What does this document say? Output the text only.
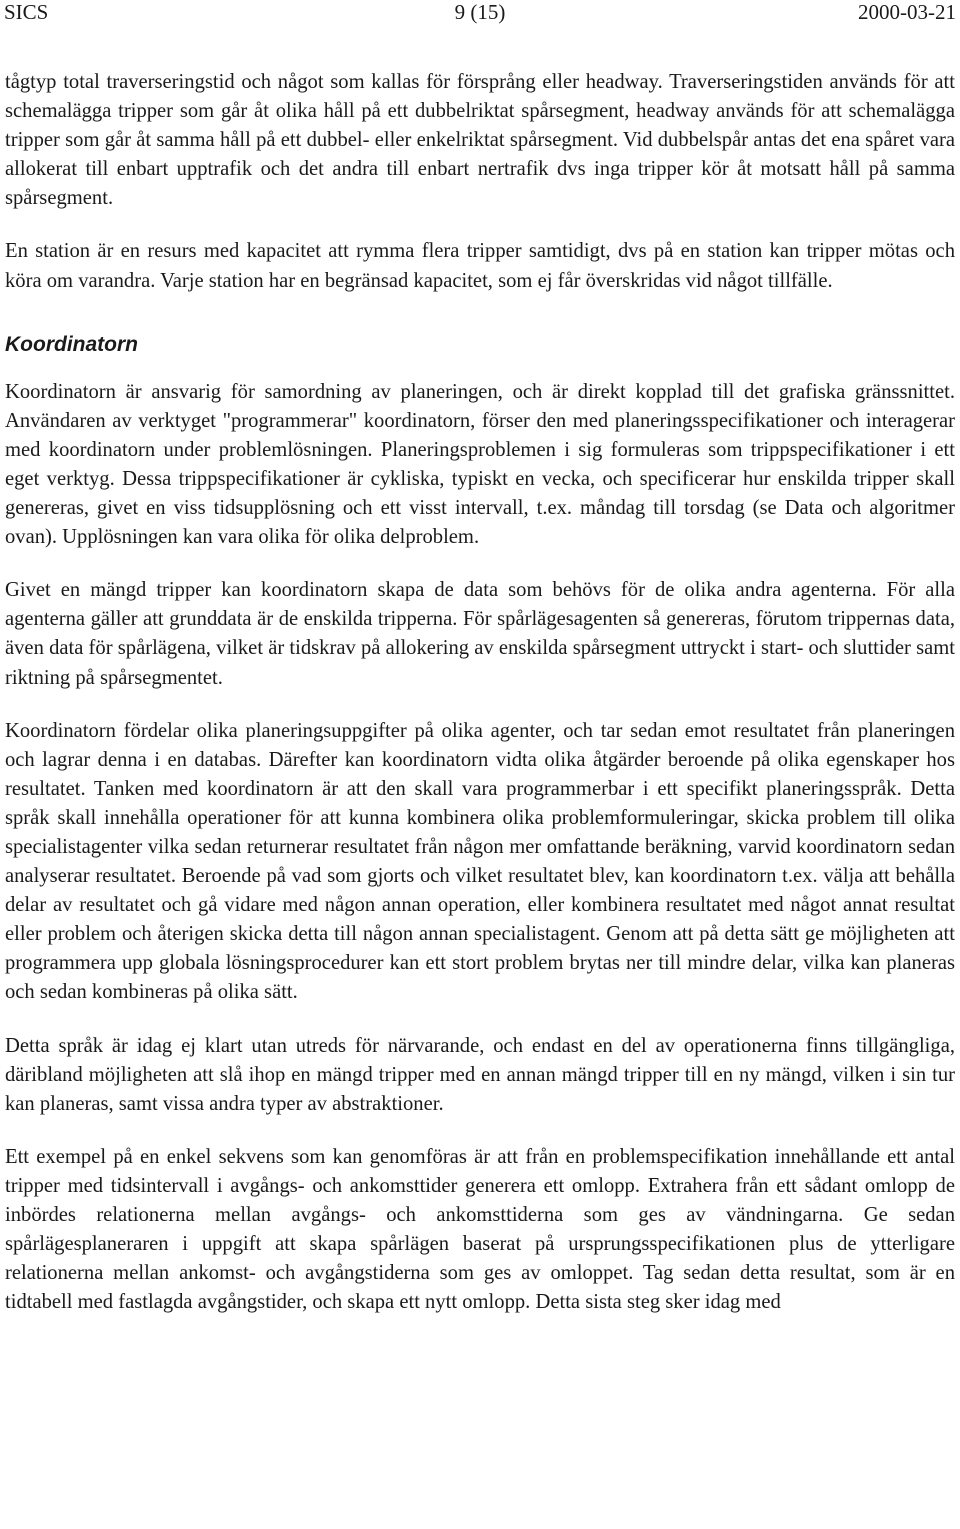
SICS	9 (15)	2000-03-21

tågtyp total traverseringstid och något som kallas för försprång eller headway. Traverseringstiden används för att schemalägga tripper som går åt olika håll på ett dubbelriktat spårsegment, headway används för att schemalägga tripper som går åt samma håll på ett dubbel- eller enkelriktat spårsegment. Vid dubbelspår antas det ena spåret vara allokerat till enbart upptrafik och det andra till enbart nertrafik dvs inga tripper kör åt motsatt håll på samma spårsegment.

En station är en resurs med kapacitet att rymma flera tripper samtidigt, dvs på en station kan tripper mötas och köra om varandra. Varje station har en begränsad kapacitet, som ej får överskridas vid något tillfälle.

Koordinatorn

Koordinatorn är ansvarig för samordning av planeringen, och är direkt kopplad till det grafiska gränssnittet. Användaren av verktyget "programmerar" koordinatorn, förser den med planeringsspecifikationer och interagerar med koordinatorn under problemlösningen. Planeringsproblemen i sig formuleras som trippspecifikationer i ett eget verktyg. Dessa trippspecifikationer är cykliska, typiskt en vecka, och specificerar hur enskilda tripper skall genereras, givet en viss tidsupplösning och ett visst intervall, t.ex. måndag till torsdag (se Data och algoritmer ovan). Upplösningen kan vara olika för olika delproblem.

Givet en mängd tripper kan koordinatorn skapa de data som behövs för de olika andra agenterna. För alla agenterna gäller att grunddata är de enskilda tripperna. För spårlägesagenten så genereras, förutom trippernas data, även data för spårlägena, vilket är tidskrav på allokering av enskilda spårsegment uttryckt i start- och sluttider samt riktning på spårsegmentet.

Koordinatorn fördelar olika planeringsuppgifter på olika agenter, och tar sedan emot resultatet från planeringen och lagrar denna i en databas. Därefter kan koordinatorn vidta olika åtgärder beroende på olika egenskaper hos resultatet. Tanken med koordinatorn är att den skall vara programmerbar i ett specifikt planeringsspråk. Detta språk skall innehålla operationer för att kunna kombinera olika problemformuleringar, skicka problem till olika specialistagenter vilka sedan returnerar resultatet från någon mer omfattande beräkning, varvid koordinatorn sedan analyserar resultatet. Beroende på vad som gjorts och vilket resultatet blev, kan koordinatorn t.ex. välja att behålla delar av resultatet och gå vidare med någon annan operation, eller kombinera resultatet med något annat resultat eller problem och återigen skicka detta till någon annan specialistagent. Genom att på detta sätt ge möjligheten att programmera upp globala lösningsprocedurer kan ett stort problem brytas ner till mindre delar, vilka kan planeras och sedan kombineras på olika sätt.

Detta språk är idag ej klart utan utreds för närvarande, och endast en del av operationerna finns tillgängliga, däribland möjligheten att slå ihop en mängd tripper med en annan mängd tripper till en ny mängd, vilken i sin tur kan planeras, samt vissa andra typer av abstraktioner.

Ett exempel på en enkel sekvens som kan genomföras är att från en problemspecifikation innehållande ett antal tripper med tidsintervall i avgångs- och ankomsttider generera ett omlopp. Extrahera från ett sådant omlopp de inbördes relationerna mellan avgångs- och ankomsttiderna som ges av vändningarna. Ge sedan spårlägesplaneraren i uppgift att skapa spårlägen baserat på ursprungsspecifikationen plus de ytterligare relationerna mellan ankomst- och avgångstiderna som ges av omloppet. Tag sedan detta resultat, som är en tidtabell med fastlagda avgångstider, och skapa ett nytt omlopp. Detta sista steg sker idag med
